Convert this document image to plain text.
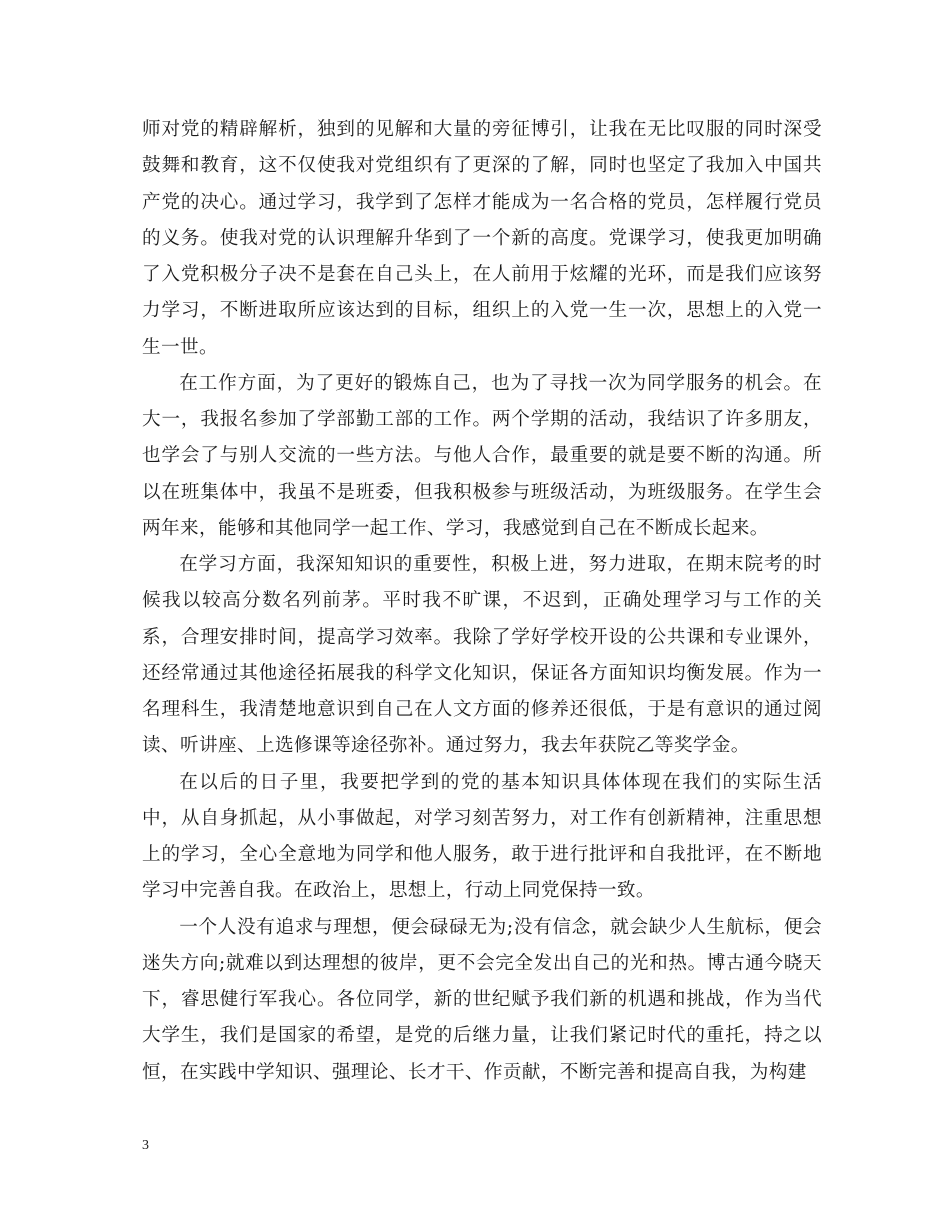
师对党的精辟解析，独到的见解和大量的旁征博引，让我在无比叹服的同时深受鼓舞和教育，这不仅使我对党组织有了更深的了解，同时也坚定了我加入中国共产党的决心。通过学习，我学到了怎样才能成为一名合格的党员，怎样履行党员的义务。使我对党的认识理解升华到了一个新的高度。党课学习，使我更加明确了入党积极分子决不是套在自己头上，在人前用于炫耀的光环，而是我们应该努力学习，不断进取所应该达到的目标，组织上的入党一生一次，思想上的入党一生一世。

在工作方面，为了更好的锻炼自己，也为了寻找一次为同学服务的机会。在大一，我报名参加了学部勤工部的工作。两个学期的活动，我结识了许多朋友，也学会了与别人交流的一些方法。与他人合作，最重要的就是要不断的沟通。所以在班集体中，我虽不是班委，但我积极参与班级活动，为班级服务。在学生会两年来，能够和其他同学一起工作、学习，我感觉到自己在不断成长起来。

在学习方面，我深知知识的重要性，积极上进，努力进取，在期末院考的时候我以较高分数名列前茅。平时我不旷课，不迟到，正确处理学习与工作的关系，合理安排时间，提高学习效率。我除了学好学校开设的公共课和专业课外，还经常通过其他途径拓展我的科学文化知识，保证各方面知识均衡发展。作为一名理科生，我清楚地意识到自己在人文方面的修养还很低，于是有意识的通过阅读、听讲座、上选修课等途径弥补。通过努力，我去年获院乙等奖学金。

在以后的日子里，我要把学到的党的基本知识具体体现在我们的实际生活中，从自身抓起，从小事做起，对学习刻苦努力，对工作有创新精神，注重思想上的学习，全心全意地为同学和他人服务，敢于进行批评和自我批评，在不断地学习中完善自我。在政治上，思想上，行动上同党保持一致。

一个人没有追求与理想，便会碌碌无为;没有信念，就会缺少人生航标，便会迷失方向;就难以到达理想的彼岸，更不会完全发出自己的光和热。博古通今晓天下，睿思健行军我心。各位同学，新的世纪赋予我们新的机遇和挑战，作为当代大学生，我们是国家的希望，是党的后继力量，让我们紧记时代的重托，持之以恒，在实践中学知识、强理论、长才干、作贡献，不断完善和提高自我，为构建

3
